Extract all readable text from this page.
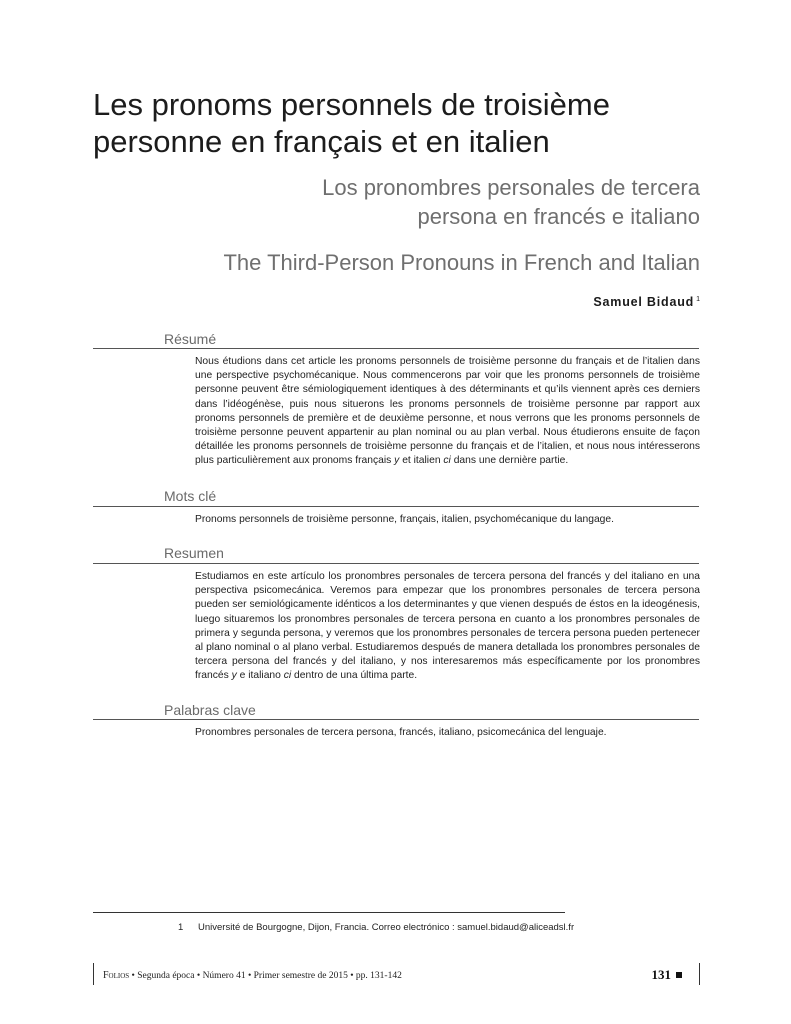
Les pronoms personnels de troisième personne en français et en italien
Los pronombres personales de tercera persona en francés e italiano
The Third-Person Pronouns in French and Italian
Samuel Bidaud $^1$
Résumé
Nous étudions dans cet article les pronoms personnels de troisième personne du français et de l’italien dans une perspective psychomécanique. Nous commencerons par voir que les pronoms personnels de troisième personne peuvent être sémiologiquement identiques à des déterminants et qu’ils viennent après ces derniers dans l’idéogénèse, puis nous situerons les pronoms personnels de troisième personne par rapport aux pronoms personnels de première et de deuxième personne, et nous verrons que les pronoms personnels de troisième personne peuvent appartenir au plan nominal ou au plan verbal. Nous étudierons ensuite de façon détaillée les pronoms personnels de troisième personne du français et de l’italien, et nous nous intéresserons plus particulièrement aux pronoms français y et italien ci dans une dernière partie.
Mots clé
Pronoms personnels de troisième personne, français, italien, psychomécanique du langage.
Resumen
Estudiamos en este artículo los pronombres personales de tercera persona del francés y del italiano en una perspectiva psicomecánica. Veremos para empezar que los pronombres personales de tercera persona pueden ser semiológicamente idénticos a los determinantes y que vienen después de éstos en la ideogénesis, luego situaremos los pronombres personales de tercera persona en cuanto a los pronombres personales de primera y segunda persona, y veremos que los pronombres personales de tercera persona pueden pertenecer al plano nominal o al plano verbal. Estudiaremos después de manera detallada los pronombres personales de tercera persona del francés y del italiano, y nos interesaremos más específicamente por los pronombres francés y e italiano ci dentro de una última parte.
Palabras clave
Pronombres personales de tercera persona, francés, italiano, psicomecánica del lenguaje.
1 Université de Bourgogne, Dijon, Francia. Correo electrónico : samuel.bidaud@aliceadsl.fr
Folios • Segunda época • Número 41 • Primer semestre de 2015 • pp. 131-142	131
